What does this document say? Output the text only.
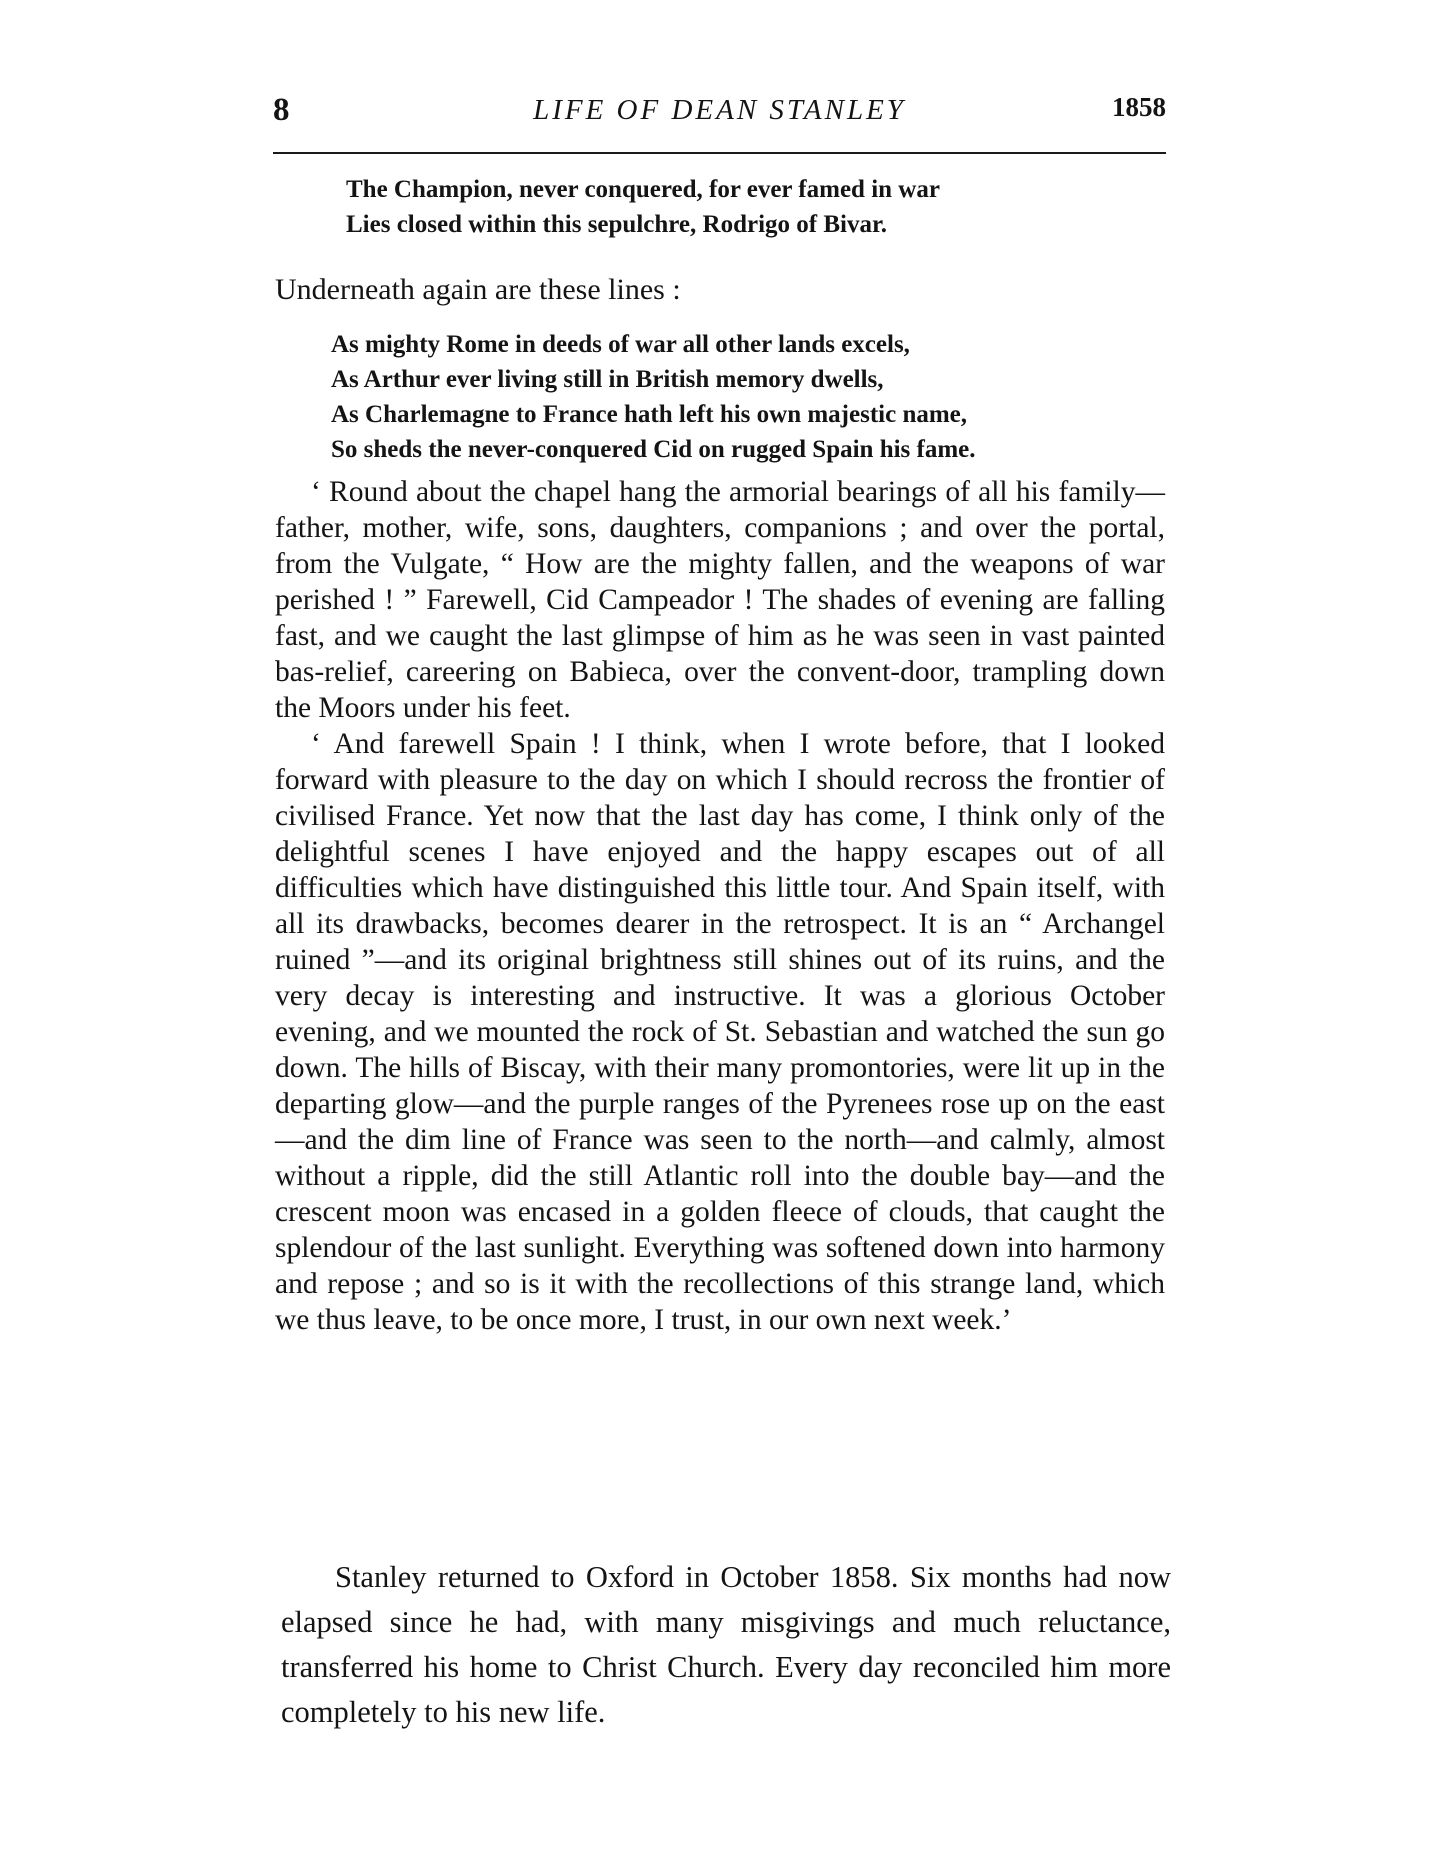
8	LIFE OF DEAN STANLEY	1858
The Champion, never conquered, for ever famed in war
Lies closed within this sepulchre, Rodrigo of Bivar.
Underneath again are these lines :
As mighty Rome in deeds of war all other lands excels,
As Arthur ever living still in British memory dwells,
As Charlemagne to France hath left his own majestic name,
So sheds the never-conquered Cid on rugged Spain his fame.

‘ Round about the chapel hang the armorial bearings of all his family—father, mother, wife, sons, daughters, companions ; and over the portal, from the Vulgate, “ How are the mighty fallen, and the weapons of war perished ! ” Farewell, Cid Campeador ! The shades of evening are falling fast, and we caught the last glimpse of him as he was seen in vast painted bas-relief, careering on Babieca, over the convent-door, trampling down the Moors under his feet.

‘ And farewell Spain ! I think, when I wrote before, that I looked forward with pleasure to the day on which I should recross the frontier of civilised France. Yet now that the last day has come, I think only of the delightful scenes I have enjoyed and the happy escapes out of all difficulties which have distinguished this little tour. And Spain itself, with all its drawbacks, becomes dearer in the retrospect. It is an “ Archangel ruined ”—and its original brightness still shines out of its ruins, and the very decay is interesting and instructive. It was a glorious October evening, and we mounted the rock of St. Sebastian and watched the sun go down. The hills of Biscay, with their many promontories, were lit up in the departing glow—and the purple ranges of the Pyrenees rose up on the east—and the dim line of France was seen to the north—and calmly, almost without a ripple, did the still Atlantic roll into the double bay—and the crescent moon was encased in a golden fleece of clouds, that caught the splendour of the last sunlight. Everything was softened down into harmony and repose ; and so is it with the recollections of this strange land, which we thus leave, to be once more, I trust, in our own next week.’

Stanley returned to Oxford in October 1858. Six months had now elapsed since he had, with many misgivings and much reluctance, transferred his home to Christ Church. Every day reconciled him more completely to his new life.
